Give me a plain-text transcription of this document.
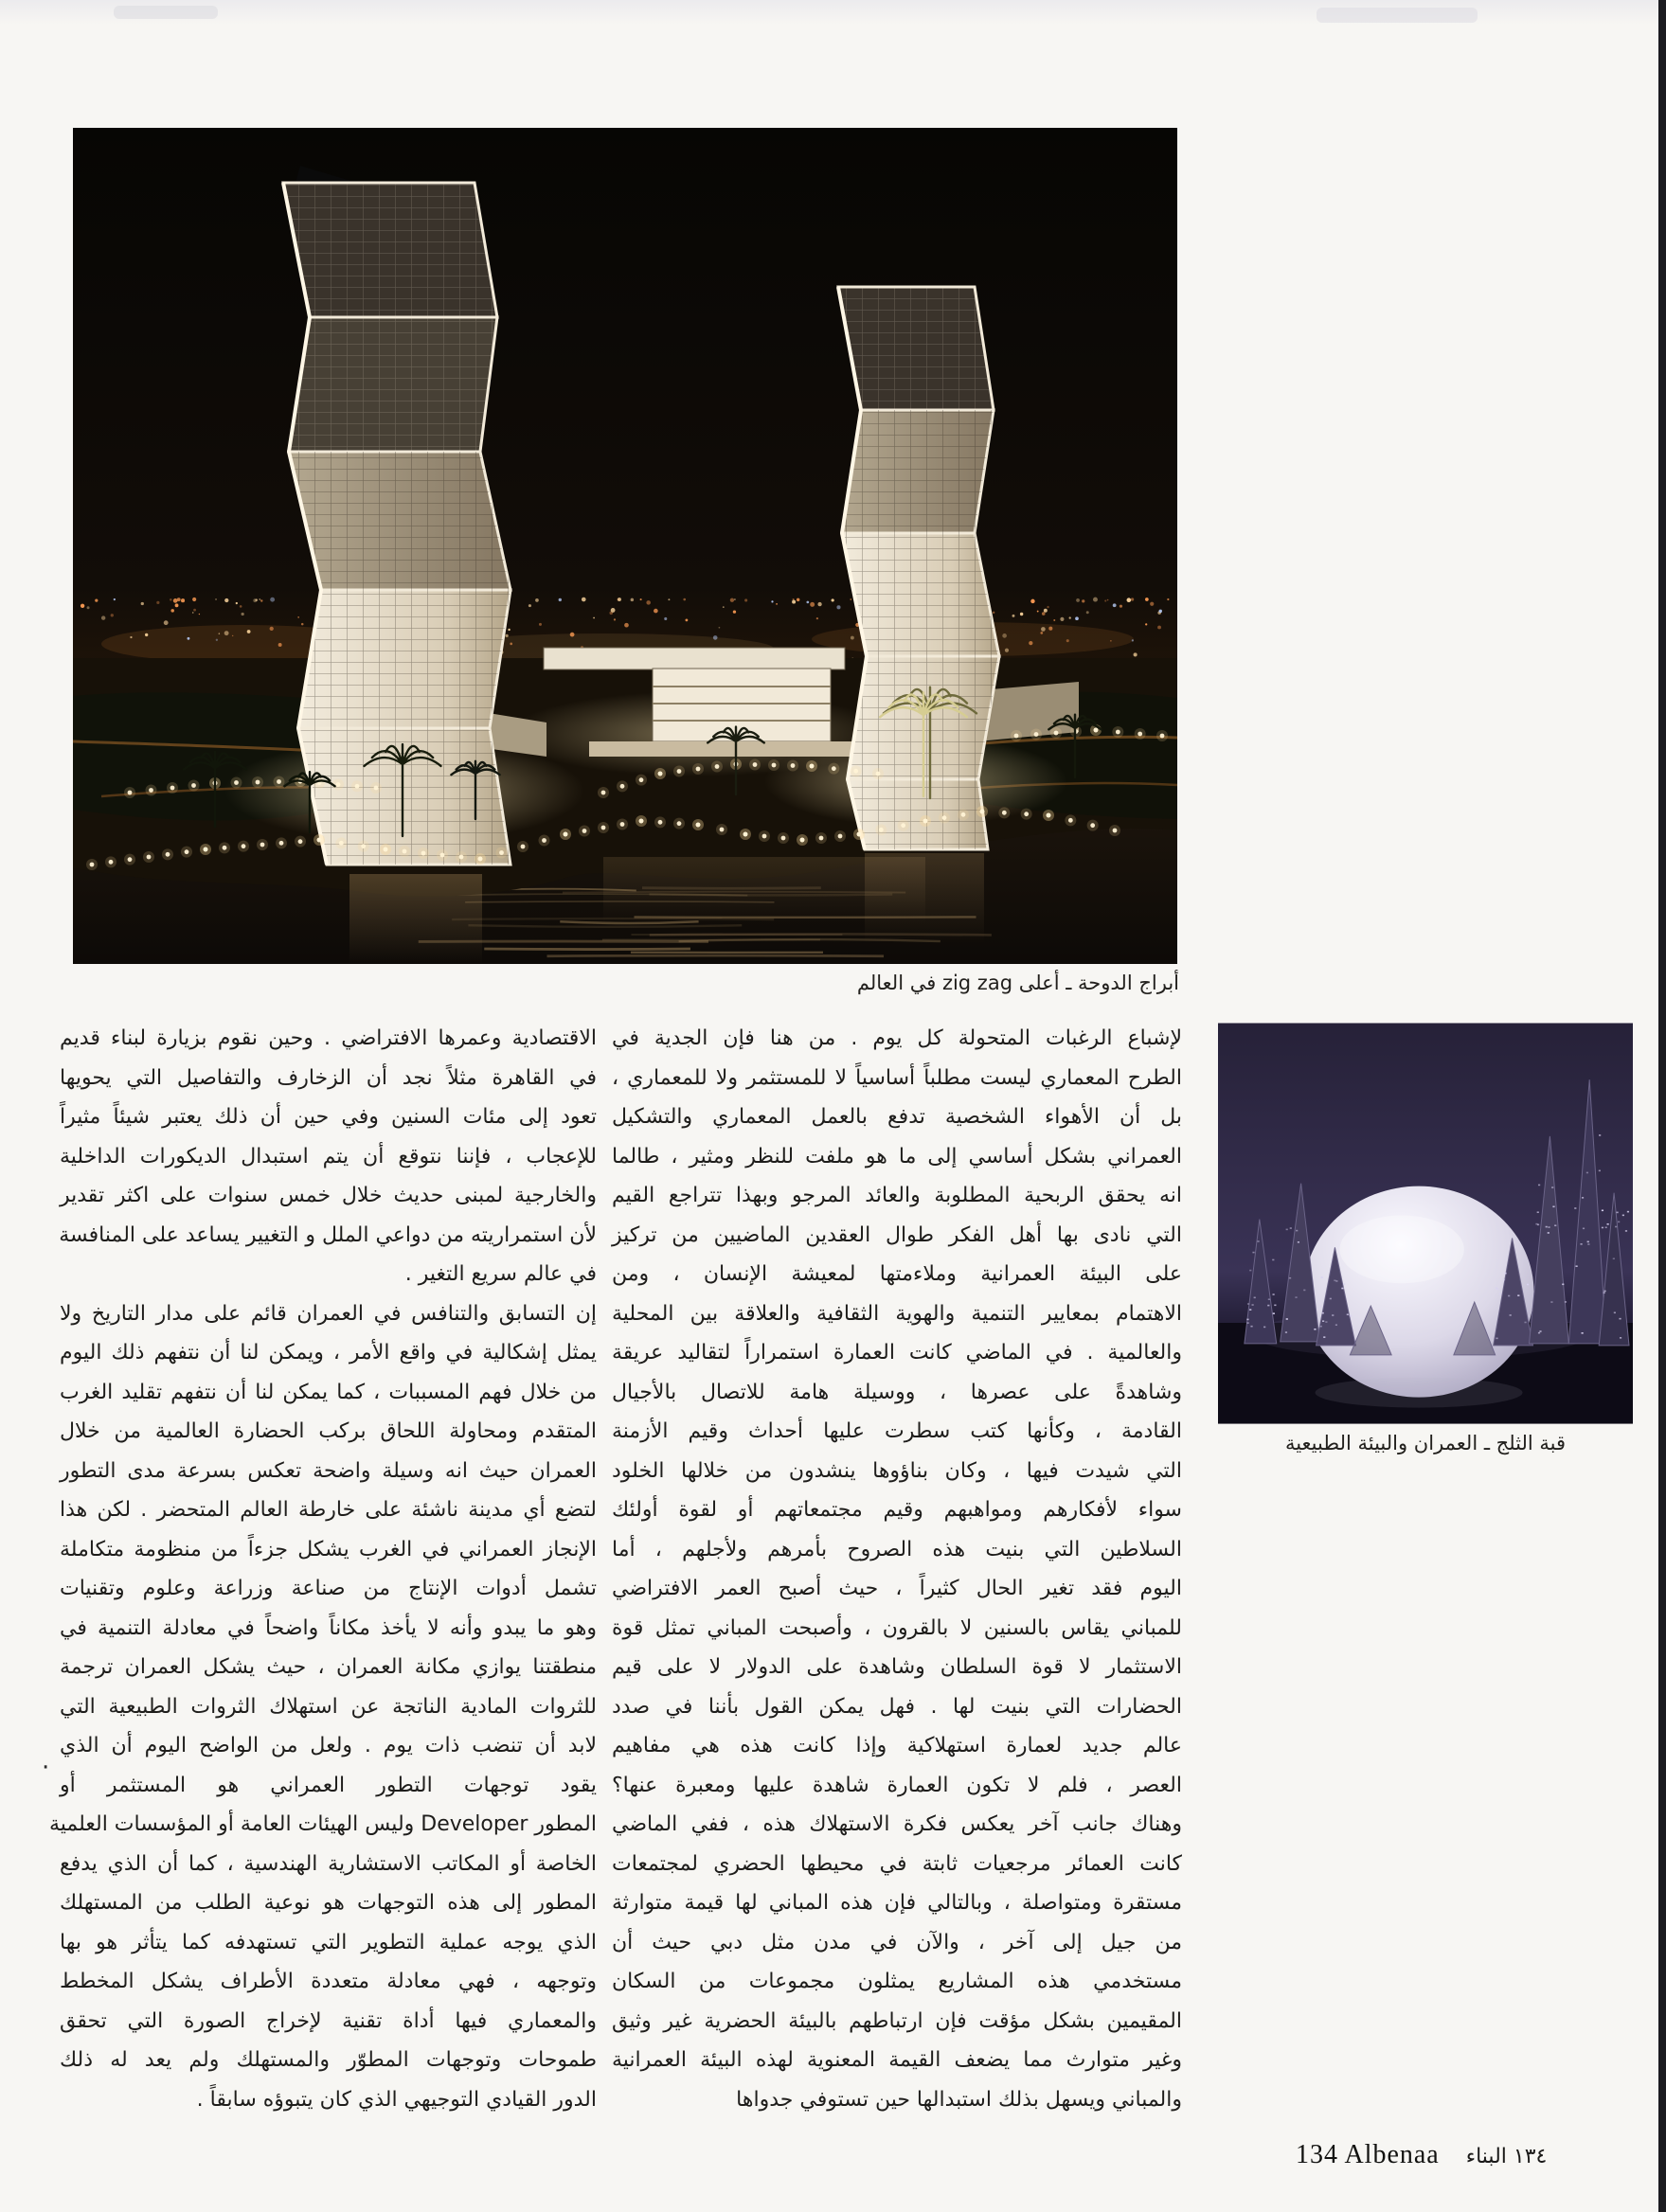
أبراج الدوحة ـ أعلى zig zag في العالم
قبة الثلج ـ العمران والبيئة الطبيعية
الاقتصادية وعمرها الافتراضي . وحين نقوم بزيارة لبناء قديم
في القاهرة مثلاً نجد أن الزخارف والتفاصيل التي يحويها
تعود إلى مئات السنين وفي حين أن ذلك يعتبر شيئاً مثيراً
للإعجاب ، فإننا نتوقع أن يتم استبدال الديكورات الداخلية
والخارجية لمبنى حديث خلال خمس سنوات على اكثر تقدير
لأن استمراريته من دواعي الملل و التغيير يساعد على المنافسة
في عالم سريع التغير .
إن التسابق والتنافس في العمران قائم على مدار التاريخ ولا
يمثل إشكالية في واقع الأمر ، ويمكن لنا أن نتفهم ذلك اليوم
من خلال فهم المسببات ، كما يمكن لنا أن نتفهم تقليد الغرب
المتقدم ومحاولة اللحاق بركب الحضارة العالمية من خلال
العمران حيث انه وسيلة واضحة تعكس بسرعة مدى التطور
لتضع أي مدينة ناشئة على خارطة العالم المتحضر . لكن هذا
الإنجاز العمراني في الغرب يشكل جزءاً من منظومة متكاملة
تشمل أدوات الإنتاج من صناعة وزراعة وعلوم وتقنيات
وهو ما يبدو وأنه لا يأخذ مكاناً واضحاً في معادلة التنمية في
منطقتنا يوازي مكانة العمران ، حيث يشكل العمران ترجمة
للثروات المادية الناتجة عن استهلاك الثروات الطبيعية التي
لابد أن تنضب ذات يوم . ولعل من الواضح اليوم أن الذي
يقود توجهات التطور العمراني هو المستثمر أو
المطور Developer وليس الهيئات العامة أو المؤسسات العلمية
الخاصة أو المكاتب الاستشارية الهندسية ، كما أن الذي يدفع
المطور إلى هذه التوجهات هو نوعية الطلب من المستهلك
الذي يوجه عملية التطوير التي تستهدفه كما يتأثر هو بها
وتوجهه ، فهي معادلة متعددة الأطراف يشكل المخطط
والمعماري فيها أداة تقنية لإخراج الصورة التي تحقق
طموحات وتوجهات المطوّر والمستهلك ولم يعد له ذلك
الدور القيادي التوجيهي الذي كان يتبوؤه سابقاً .
لإشباع الرغبات المتحولة كل يوم . من هنا فإن الجدية في
الطرح المعماري ليست مطلباً أساسياً لا للمستثمر ولا للمعماري ،
بل أن الأهواء الشخصية تدفع بالعمل المعماري والتشكيل
العمراني بشكل أساسي إلى ما هو ملفت للنظر ومثير ، طالما
انه يحقق الربحية المطلوبة والعائد المرجو وبهذا تتراجع القيم
التي نادى بها أهل الفكر طوال العقدين الماضيين من تركيز
على البيئة العمرانية وملاءمتها لمعيشة الإنسان ، ومن
الاهتمام بمعايير التنمية والهوية الثقافية والعلاقة بين المحلية
والعالمية . في الماضي كانت العمارة استمراراً لتقاليد عريقة
وشاهدةً على عصرها ، ووسيلة هامة للاتصال بالأجيال
القادمة ، وكأنها كتب سطرت عليها أحداث وقيم الأزمنة
التي شيدت فيها ، وكان بناؤوها ينشدون من خلالها الخلود
سواء لأفكارهم ومواهبهم وقيم مجتمعاتهم أو لقوة أولئك
السلاطين التي بنيت هذه الصروح بأمرهم ولأجلهم ، أما
اليوم فقد تغير الحال كثيراً ، حيث أصبح العمر الافتراضي
للمباني يقاس بالسنين لا بالقرون ، وأصبحت المباني تمثل قوة
الاستثمار لا قوة السلطان وشاهدة على الدولار لا على قيم
الحضارات التي بنيت لها . فهل يمكن القول بأننا في صدد
عالم جديد لعمارة استهلاكية وإذا كانت هذه هي مفاهيم
العصر ، فلم لا تكون العمارة شاهدة عليها ومعبرة عنها؟
وهناك جانب آخر يعكس فكرة الاستهلاك هذه ، ففي الماضي
كانت العمائر مرجعيات ثابتة في محيطها الحضري لمجتمعات
مستقرة ومتواصلة ، وبالتالي فإن هذه المباني لها قيمة متوارثة
من جيل إلى آخر ، والآن في مدن مثل دبي حيث أن
مستخدمي هذه المشاريع يمثلون مجموعات من السكان
المقيمين بشكل مؤقت فإن ارتباطهم بالبيئة الحضرية غير وثيق
وغير متوارث مما يضعف القيمة المعنوية لهذه البيئة العمرانية
والمباني ويسهل بذلك استبدالها حين تستوفي جدواها
·
134 Albenaa ١٣٤ البناء
